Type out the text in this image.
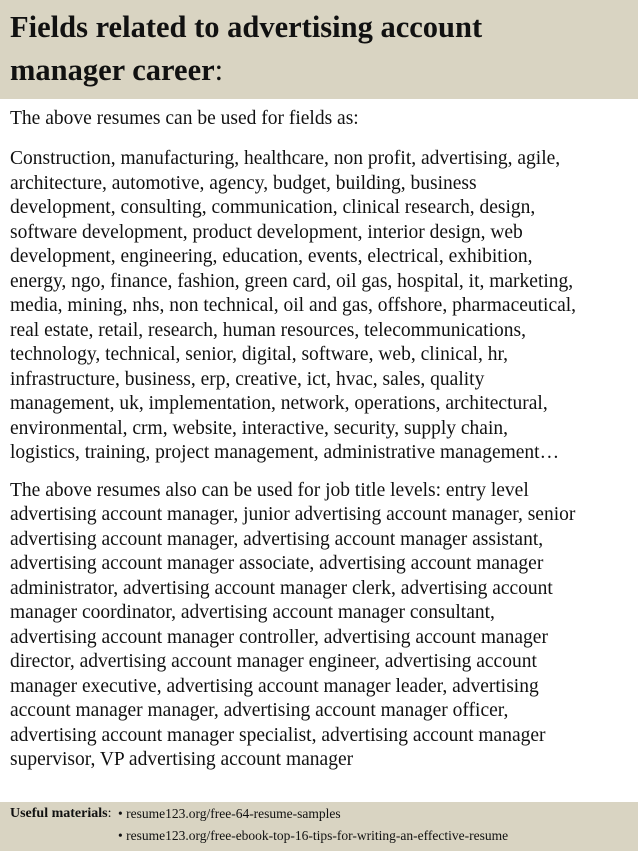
Fields related to advertising account
manager career:
The above resumes can be used for fields as:
Construction, manufacturing, healthcare, non profit, advertising, agile,
architecture, automotive, agency, budget, building, business
development, consulting, communication, clinical research, design,
software development, product development, interior design, web
development, engineering, education, events, electrical, exhibition,
energy, ngo, finance, fashion, green card, oil gas, hospital, it, marketing,
media, mining, nhs, non technical, oil and gas, offshore, pharmaceutical,
real estate, retail, research, human resources, telecommunications,
technology, technical, senior, digital, software, web, clinical, hr,
infrastructure, business, erp, creative, ict, hvac, sales, quality
management, uk, implementation, network, operations, architectural,
environmental, crm, website, interactive, security, supply chain,
logistics, training, project management, administrative management…
The above resumes also can be used for job title levels: entry level
advertising account manager, junior advertising account manager, senior
advertising account manager, advertising account manager assistant,
advertising account manager associate, advertising account manager
administrator, advertising account manager clerk, advertising account
manager coordinator, advertising account manager consultant,
advertising account manager controller, advertising account manager
director, advertising account manager engineer, advertising account
manager executive, advertising account manager leader, advertising
account manager manager, advertising account manager officer,
advertising account manager specialist, advertising account manager
supervisor, VP advertising account manager
Useful materials: • resume123.org/free-64-resume-samples
• resume123.org/free-ebook-top-16-tips-for-writing-an-effective-resume
